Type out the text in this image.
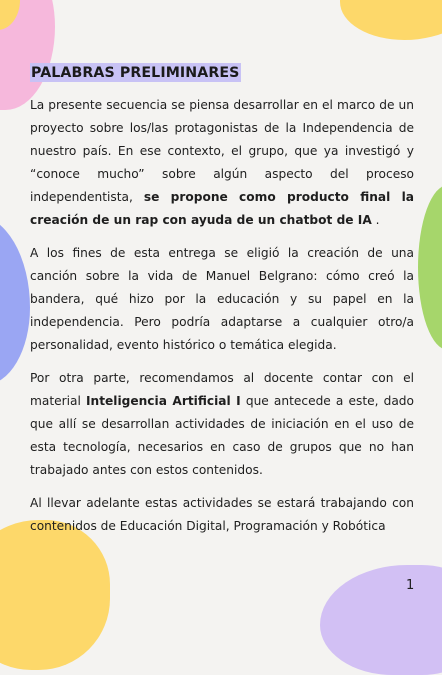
PALABRAS PRELIMINARES

La presente secuencia se piensa desarrollar en el marco de un proyecto sobre los/las protagonistas de la Independencia de nuestro país. En ese contexto, el grupo, que ya investigó y “conoce mucho” sobre algún aspecto del proceso independentista, se propone como producto final la creación de un rap con ayuda de un chatbot de IA .

A los fines de esta entrega se eligió la creación de una canción sobre la vida de Manuel Belgrano: cómo creó la bandera, qué hizo por la educación y su papel en la independencia. Pero podría adaptarse a cualquier otro/a personalidad, evento histórico o temática elegida.

Por otra parte, recomendamos al docente contar con el material Inteligencia Artificial I que antecede a este, dado que allí se desarrollan actividades de iniciación en el uso de esta tecnología, necesarios en caso de grupos que no han trabajado antes con estos contenidos.

Al llevar adelante estas actividades se estará trabajando con contenidos de Educación Digital, Programación y Robótica

1
